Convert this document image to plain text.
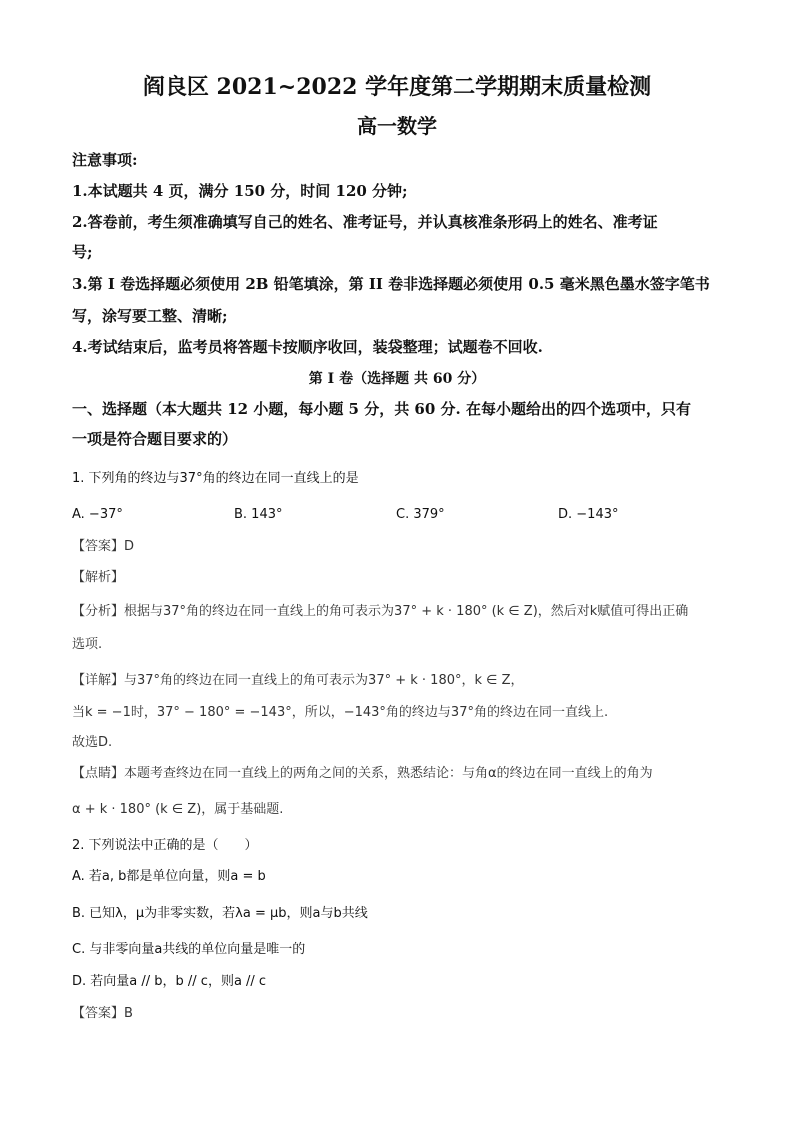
阎良区 2021~2022 学年度第二学期期末质量检测
高一数学
注意事项:
1.本试题共 4 页，满分 150 分，时间 120 分钟;
2.答卷前，考生须准确填写自己的姓名、准考证号，并认真核准条形码上的姓名、准考证
号;
3.第 I 卷选择题必须使用 2B 铅笔填涂，第 II 卷非选择题必须使用 0.5 毫米黑色墨水签字笔书
写，涂写要工整、清晰;
4.考试结束后，监考员将答题卡按顺序收回，装袋整理；试题卷不回收.
第 I 卷（选择题 共 60 分）
一、选择题（本大题共 12 小题，每小题 5 分，共 60 分. 在每小题给出的四个选项中，只有
一项是符合题目要求的）
1. 下列角的终边与37°角的终边在同一直线上的是
A. −37°	B. 143°	C. 379°	D. −143°
【答案】D
【解析】
【分析】根据与37°角的终边在同一直线上的角可表示为37° + k · 180° (k ∈ Z)，然后对k赋值可得出正确
选项.
【详解】与37°角的终边在同一直线上的角可表示为37° + k · 180°，k ∈ Z，
当k = −1时，37° − 180° = −143°，所以，−143°角的终边与37°角的终边在同一直线上.
故选D.
【点睛】本题考查终边在同一直线上的两角之间的关系，熟悉结论：与角α的终边在同一直线上的角为
α + k · 180° (k ∈ Z)，属于基础题.
2. 下列说法中正确的是（　　）
A. 若a, b都是单位向量，则a = b
B. 已知λ，μ为非零实数，若λa = μb，则a与b共线
C. 与非零向量a共线的单位向量是唯一的
D. 若向量a // b，b // c，则a // c
【答案】B
